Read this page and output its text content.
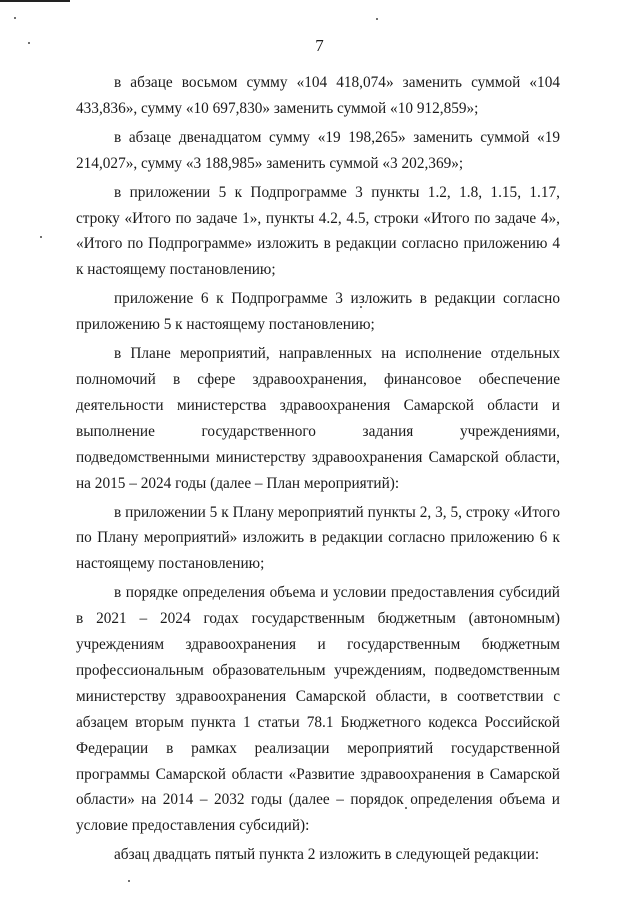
7

в абзаце восьмом сумму «104 418,074» заменить суммой «104 433,836», сумму «10 697,830» заменить суммой «10 912,859»;

в абзаце двенадцатом сумму «19 198,265» заменить суммой «19 214,027», сумму «3 188,985» заменить суммой «3 202,369»;

в приложении 5 к Подпрограмме 3 пункты 1.2, 1.8, 1.15, 1.17, строку «Итого по задаче 1», пункты 4.2, 4.5, строки «Итого по задаче 4», «Итого по Подпрограмме» изложить в редакции согласно приложению 4 к настоящему постановлению;

приложение 6 к Подпрограмме 3 изложить в редакции согласно приложению 5 к настоящему постановлению;

в Плане мероприятий, направленных на исполнение отдельных полномочий в сфере здравоохранения, финансовое обеспечение деятельности министерства здравоохранения Самарской области и выполнение государственного задания учреждениями, подведомственными министерству здравоохранения Самарской области, на 2015 – 2024 годы (далее – План мероприятий):

в приложении 5 к Плану мероприятий пункты 2, 3, 5, строку «Итого по Плану мероприятий» изложить в редакции согласно приложению 6 к настоящему постановлению;

в порядке определения объема и условии предоставления субсидий в 2021 – 2024 годах государственным бюджетным (автономным) учреждениям здравоохранения и государственным бюджетным профессиональным образовательным учреждениям, подведомственным министерству здравоохранения Самарской области, в соответствии с абзацем вторым пункта 1 статьи 78.1 Бюджетного кодекса Российской Федерации в рамках реализации мероприятий государственной программы Самарской области «Развитие здравоохранения в Самарской области» на 2014 – 2032 годы (далее – порядок определения объема и условие предоставления субсидий):

абзац двадцать пятый пункта 2 изложить в следующей редакции:
